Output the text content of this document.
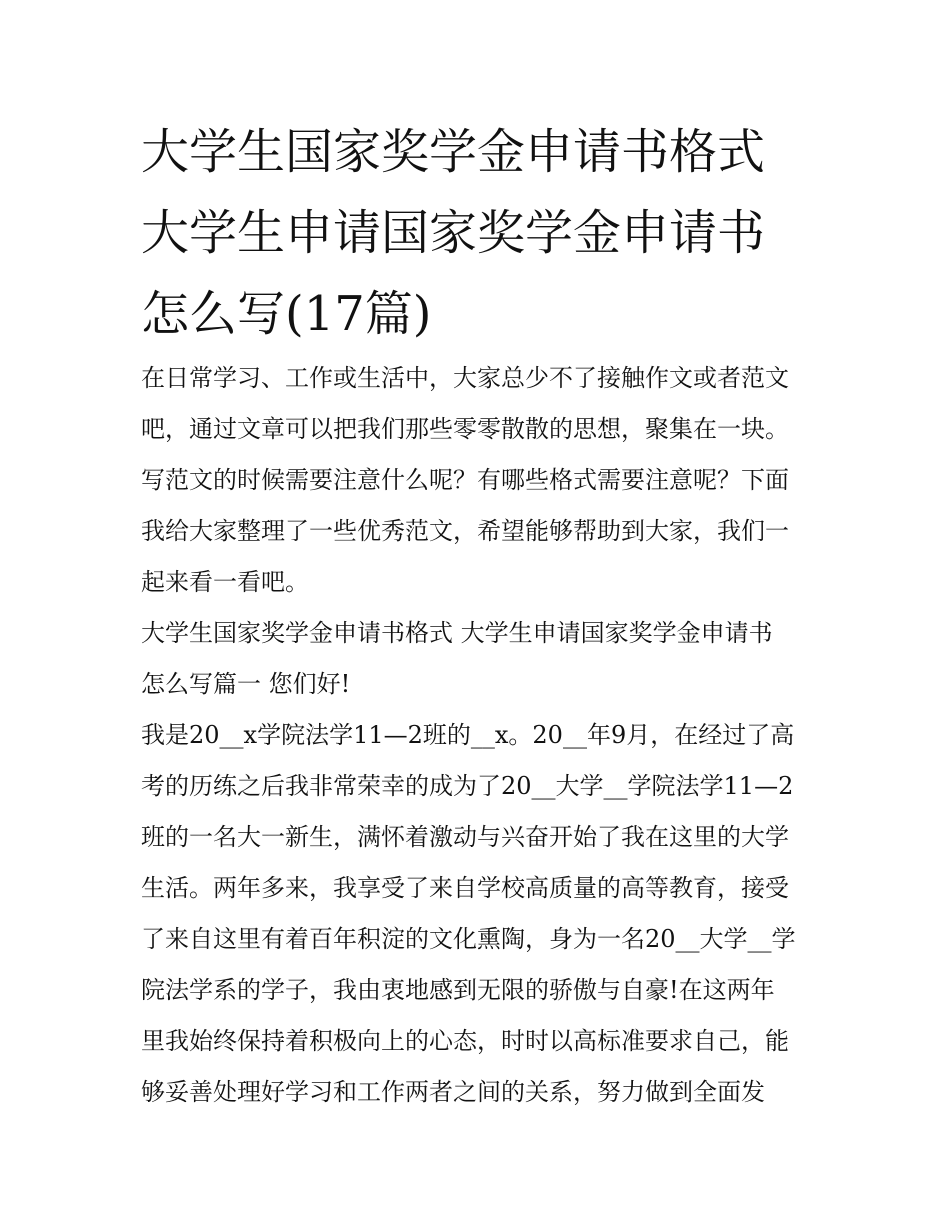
大学生国家奖学金申请书格式
大学生申请国家奖学金申请书
怎么写(17篇)
在日常学习、工作或生活中，大家总少不了接触作文或者范文
吧，通过文章可以把我们那些零零散散的思想，聚集在一块。
写范文的时候需要注意什么呢？有哪些格式需要注意呢？下面
我给大家整理了一些优秀范文，希望能够帮助到大家，我们一
起来看一看吧。
大学生国家奖学金申请书格式 大学生申请国家奖学金申请书
怎么写篇一 您们好!
我是20__x学院法学11—2班的__x。20__年9月，在经过了高
考的历练之后我非常荣幸的成为了20__大学__学院法学11—2
班的一名大一新生，满怀着激动与兴奋开始了我在这里的大学
生活。两年多来，我享受了来自学校高质量的高等教育，接受
了来自这里有着百年积淀的文化熏陶，身为一名20__大学__学
院法学系的学子，我由衷地感到无限的骄傲与自豪!在这两年
里我始终保持着积极向上的心态，时时以高标准要求自己，能
够妥善处理好学习和工作两者之间的关系，努力做到全面发
